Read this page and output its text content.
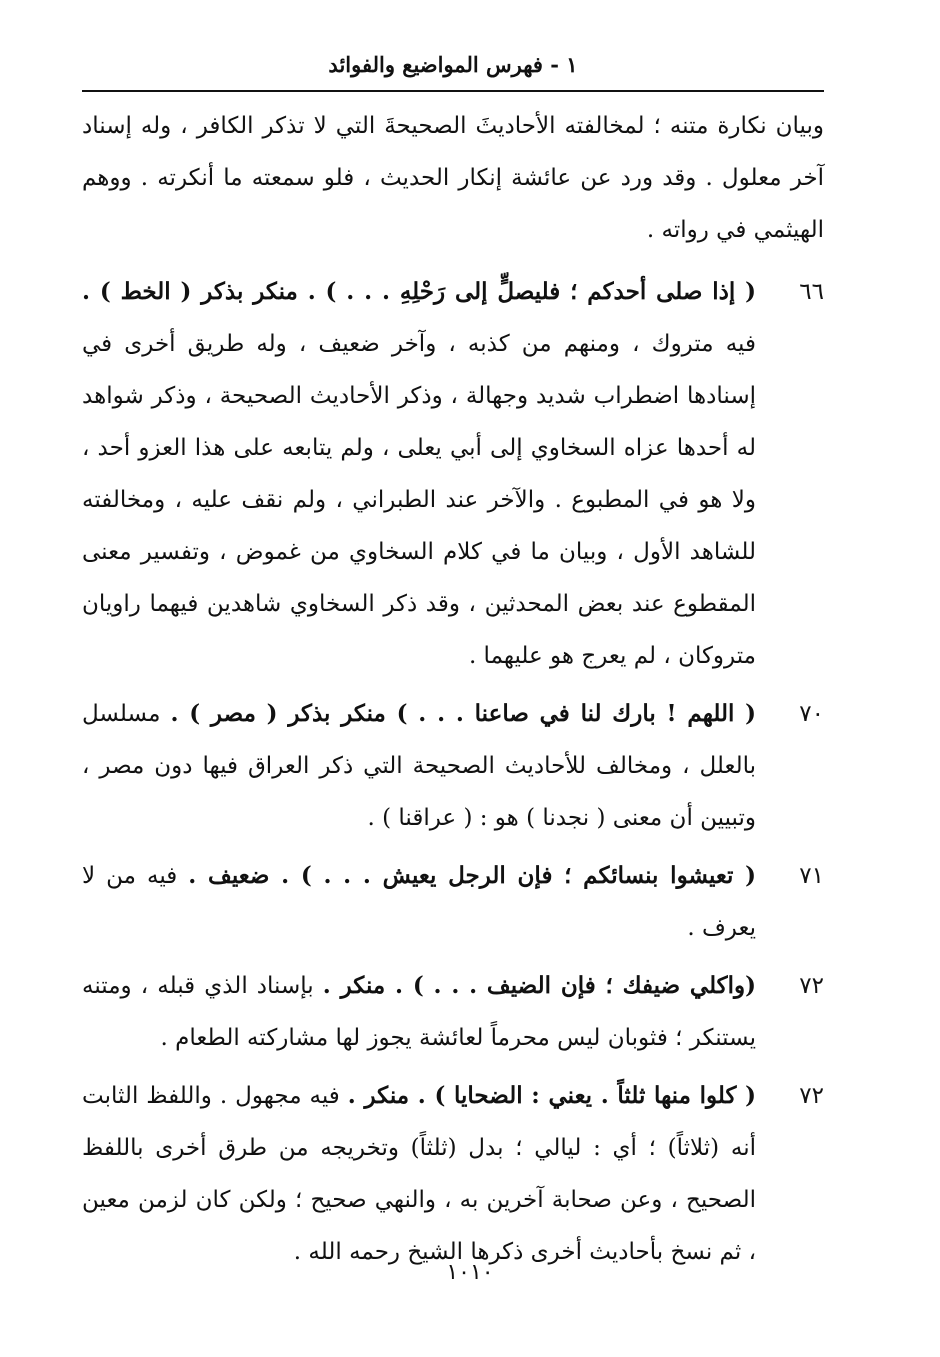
١ - فهرس المواضيع والفوائد
وبيان نكارة متنه ؛ لمخالفته الأحاديثَ الصحيحةَ التي لا تذكر الكافر ، وله إسناد آخر معلول . وقد ورد عن عائشة إنكار الحديث ، فلو سمعته ما أنكرته . ووهم الهيثمي في رواته .
٦٦
( إذا صلى أحدكم ؛ فليصلٍّ إلى رَحْلِهِ . . . ) . منكر بذكر ( الخط ) . فيه متروك ، ومنهم من كذبه ، وآخر ضعيف ، وله طريق أخرى في إسنادها اضطراب شديد وجهالة ، وذكر الأحاديث الصحيحة ، وذكر شواهد له أحدها عزاه السخاوي إلى أبي يعلى ، ولم يتابعه على هذا العزو أحد ، ولا هو في المطبوع . والآخر عند الطبراني ، ولم نقف عليه ، ومخالفته للشاهد الأول ، وبيان ما في كلام السخاوي من غموض ، وتفسير معنى المقطوع عند بعض المحدثين ، وقد ذكر السخاوي شاهدين فيهما راويان متروكان ، لم يعرج هو عليهما .
٧٠
( اللهم ! بارك لنا في صاعنا . . . ) منكر بذكر ( مصر ) . مسلسل بالعلل ، ومخالف للأحاديث الصحيحة التي ذكر العراق فيها دون مصر ، وتبيين أن معنى ( نجدنا ) هو : ( عراقنا ) .
٧١
( تعيشوا بنسائكم ؛ فإن الرجل يعيش . . . ) . ضعيف . فيه من لا يعرف .
٧٢
(واكلي ضيفك ؛ فإن الضيف . . . ) . منكر . بإسناد الذي قبله ، ومتنه يستنكر ؛ فثوبان ليس محرماً لعائشة يجوز لها مشاركته الطعام .
٧٢
( كلوا منها ثلثاً . يعني : الضحايا ) . منكر . فيه مجهول . واللفظ الثابت أنه (ثلاثاً) ؛ أي : ليالي ؛ بدل (ثلثاً) وتخريجه من طرق أخرى باللفظ الصحيح ، وعن صحابة آخرين به ، والنهي صحيح ؛ ولكن كان لزمن معين ، ثم نسخ بأحاديث أخرى ذكرها الشيخ رحمه الله .
١٠١٠
